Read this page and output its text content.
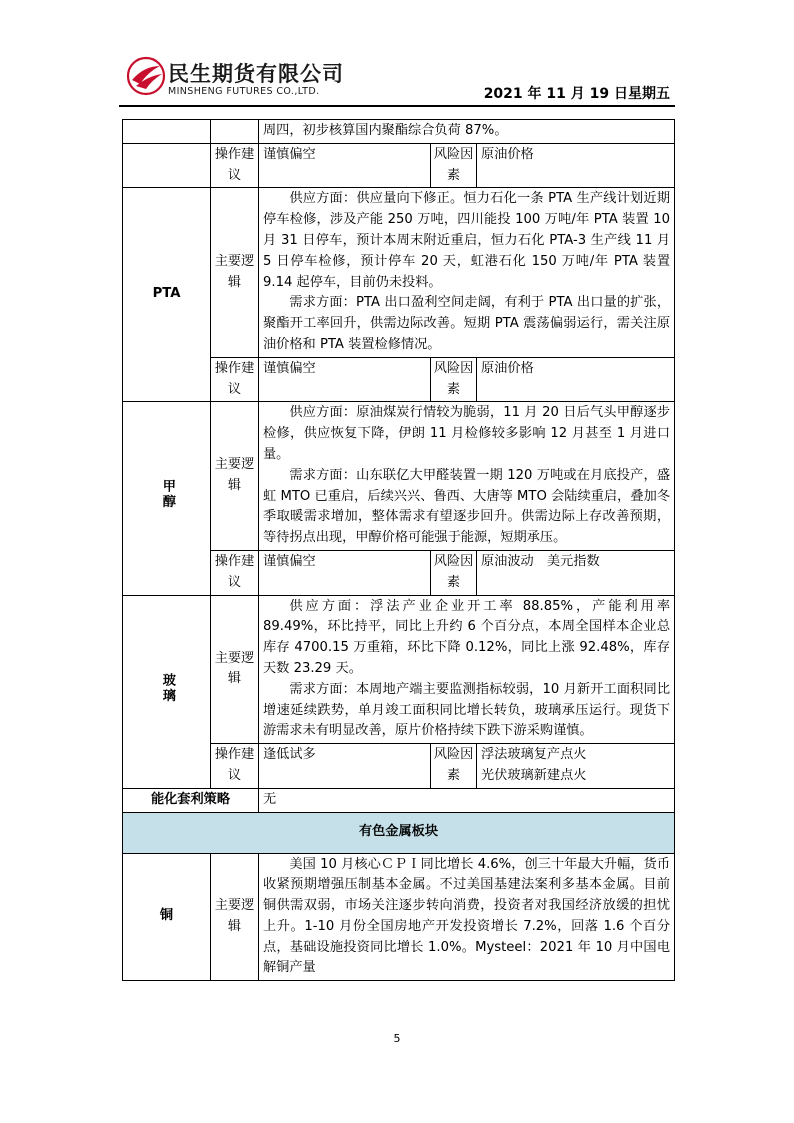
民生期货有限公司
MINSHENG FUTURES CO.,LTD.	2021 年 11 月 19 日星期五
		周四，初步核算国内聚酯综合负荷 87%。		
	操作建议	谨慎偏空	风险因素	原油价格
PTA	主要逻辑	供应方面：供应量向下修正。恒力石化一条 PTA 生产线计划近期停车检修，涉及产能 250 万吨，四川能投 100 万吨/年 PTA 装置 10 月 31 日停车，预计本周末附近重启，恒力石化 PTA-3 生产线 11 月 5 日停车检修，预计停车 20 天，虹港石化 150 万吨/年 PTA 装置 9.14 起停车，目前仍未投料。

需求方面：PTA 出口盈利空间走阔，有利于 PTA 出口量的扩张，聚酯开工率回升，供需边际改善。短期 PTA 震荡偏弱运行，需关注原油价格和 PTA 装置检修情况。		

	操作建议	谨慎偏空	风险因素	原油价格
甲醇	主要逻辑	供应方面：原油煤炭行情较为脆弱，11 月 20 日后气头甲醇逐步检修，供应恢复下降，伊朗 11 月检修较多影响 12 月甚至 1 月进口量。

需求方面：山东联亿大甲醛装置一期 120 万吨或在月底投产，盛虹 MTO 已重启，后续兴兴、鲁西、大唐等 MTO 会陆续重启，叠加冬季取暖需求增加，整体需求有望逐步回升。供需边际上存改善预期，等待拐点出现，甲醇价格可能强于能源，短期承压。		

	操作建议	谨慎偏空	风险因素	原油波动　美元指数
玻璃	主要逻辑	供应方面：浮法产业企业开工率 88.85%，产能利用率 89.49%，环比持平，同比上升约 6 个百分点，本周全国样本企业总库存 4700.15 万重箱，环比下降 0.12%，同比上涨 92.48%，库存天数 23.29 天。

需求方面：本周地产端主要监测指标较弱，10 月新开工面积同比增速延续跌势，单月竣工面积同比增长转负，玻璃承压运行。现货下游需求未有明显改善，原片价格持续下跌下游采购谨慎。		

	操作建议	逢低试多	风险因素	浮法玻璃复产点火
光伏玻璃新建点火

能化套利策略		无		
有色金属板块				
铜	主要逻辑	美国 10 月核心ＣＰＩ同比增长 4.6%，创三十年最大升幅，货币收紧预期增强压制基本金属。不过美国基建法案利多基本金属。目前铜供需双弱，市场关注逐步转向消费，投资者对我国经济放缓的担忧上升。1-10 月份全国房地产开发投资增长 7.2%，回落 1.6 个百分点，基础设施投资同比增长 1.0%。Mysteel：2021 年 10 月中国电解铜产量		

5
